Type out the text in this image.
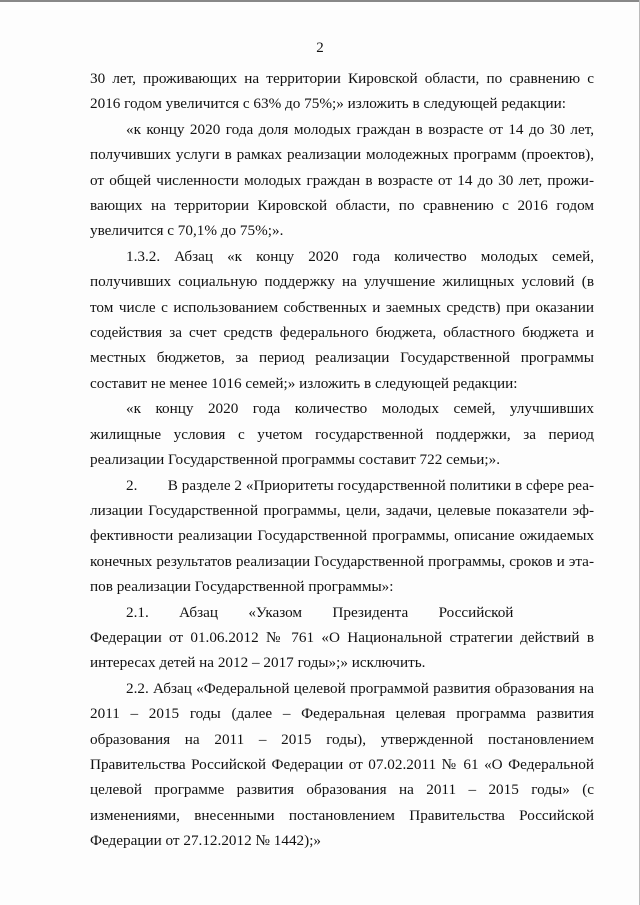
2

30 лет, проживающих на территории Кировской области, по сравнению с 2016 годом увеличится с 63% до 75%;» изложить в следующей редакции:

«к концу 2020 года доля молодых граждан в возрасте от 14 до 30 лет, получивших услуги в рамках реализации молодежных программ (проектов), от общей численности молодых граждан в возрасте от 14 до 30 лет, проживающих на территории Кировской области, по сравнению с 2016 годом увеличится с 70,1% до 75%;».

1.3.2. Абзац «к концу 2020 года количество молодых семей, получивших социальную поддержку на улучшение жилищных условий (в том числе с использованием собственных и заемных средств) при оказании содействия за счет средств федерального бюджета, областного бюджета и местных бюджетов, за период реализации Государственной программы составит не менее 1016 семей;» изложить в следующей редакции:

«к концу 2020 года количество молодых семей, улучшивших жилищные условия с учетом государственной поддержки, за период реализации Государственной программы составит 722 семьи;».

2.  В разделе 2 «Приоритеты государственной политики в сфере реализации Государственной программы, цели, задачи, целевые показатели эффективности реализации Государственной программы, описание ожидаемых конечных результатов реализации Государственной программы, сроков и этапов реализации Государственной программы»:

2.1.  Абзац  «Указом  Президента  Российской  Федерации от 01.06.2012 № 761 «О Национальной стратегии действий в интересах детей на 2012 – 2017 годы»;» исключить.

2.2. Абзац «Федеральной целевой программой развития образования на 2011 – 2015 годы (далее – Федеральная целевая программа развития образования на 2011 – 2015 годы), утвержденной постановлением Правительства Российской Федерации от 07.02.2011 № 61 «О Федеральной целевой программе развития образования на 2011 – 2015 годы» (с изменениями, внесенными постановлением Правительства Российской Федерации от 27.12.2012 № 1442);»
